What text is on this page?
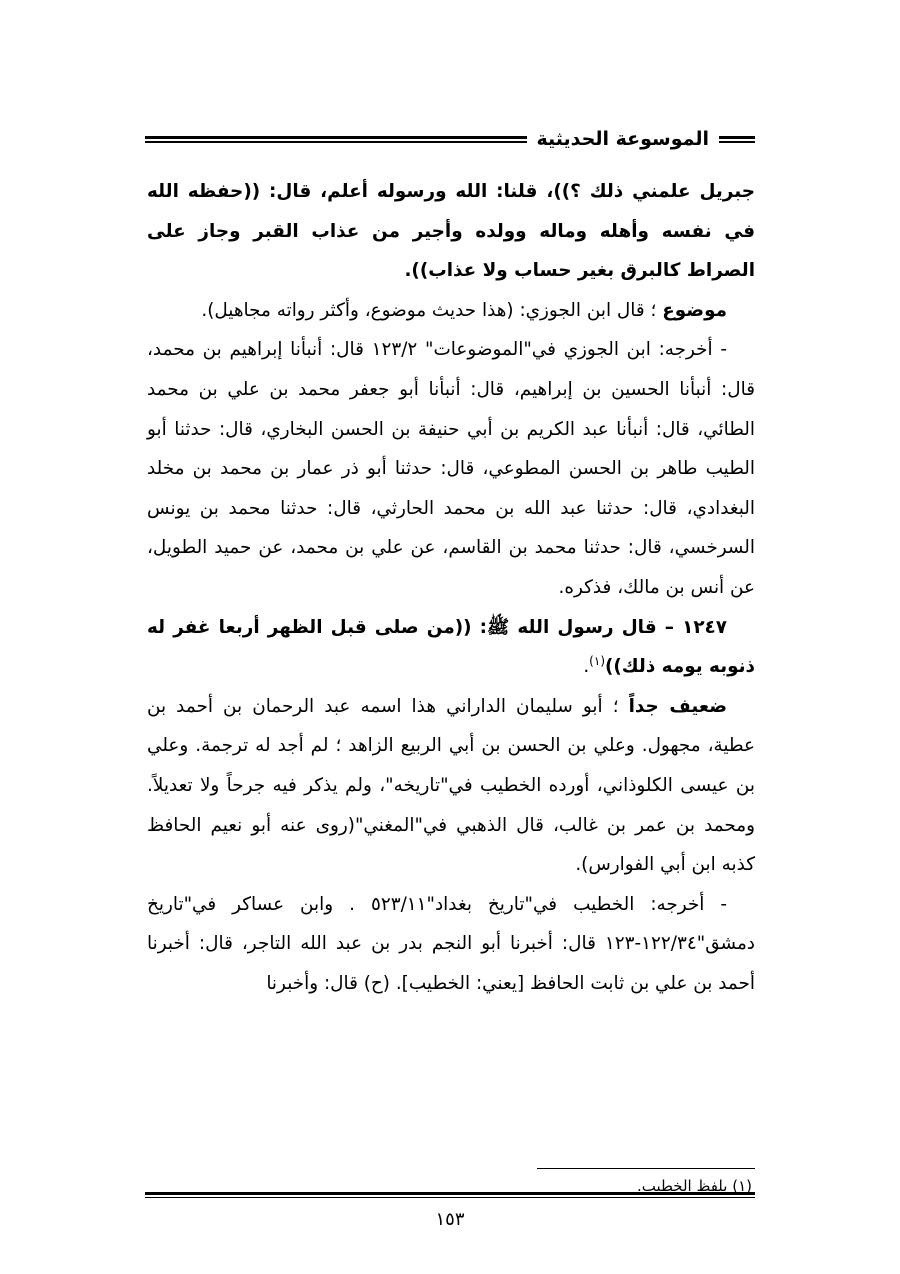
الموسوعة الحديثية

جبريل علمني ذلك ؟))، قلنا: الله ورسوله أعلم، قال: ((حفظه الله في نفسه وأهله وماله وولده وأجير من عذاب القبر وجاز على الصراط كالبرق بغير حساب ولا عذاب)).

موضوع ؛ قال ابن الجوزي: (هذا حديث موضوع، وأكثر رواته مجاهيل).

- أخرجه: ابن الجوزي في"الموضوعات" ١٢٣/٢ قال: أنبأنا إبراهيم بن محمد، قال: أنبأنا الحسين بن إبراهيم، قال: أنبأنا أبو جعفر محمد بن علي بن محمد الطائي، قال: أنبأنا عبد الكريم بن أبي حنيفة بن الحسن البخاري، قال: حدثنا أبو الطيب طاهر بن الحسن المطوعي، قال: حدثنا أبو ذر عمار بن محمد بن مخلد البغدادي، قال: حدثنا عبد الله بن محمد الحارثي، قال: حدثنا محمد بن يونس السرخسي، قال: حدثنا محمد بن القاسم، عن علي بن محمد، عن حميد الطويل، عن أنس بن مالك، فذكره.

١٢٤٧ – قال رسول الله ﷺ: ((من صلى قبل الظهر أربعا غفر له ذنوبه يومه ذلك))$^{(١)}$.

ضعيف جداً ؛ أبو سليمان الداراني هذا اسمه عبد الرحمان بن أحمد بن عطية، مجهول. وعلي بن الحسن بن أبي الربيع الزاهد ؛ لم أجد له ترجمة. وعلي بن عيسى الكلوذاني، أورده الخطيب في"تاريخه"، ولم يذكر فيه جرحاً ولا تعديلاً. ومحمد بن عمر بن غالب، قال الذهبي في"المغني"(روى عنه أبو نعيم الحافظ كذبه ابن أبي الفوارس).

- أخرجه: الخطيب في"تاريخ بغداد"٥٢٣/١١ . وابن عساكر في"تاريخ دمشق"١٢٢/٣٤-١٢٣ قال: أخبرنا أبو النجم بدر بن عبد الله التاجر، قال: أخبرنا أحمد بن علي بن ثابت الحافظ [يعني: الخطيب]. (ح) قال: وأخبرنا

(١) بلفظ الخطيب.
١٥٣
